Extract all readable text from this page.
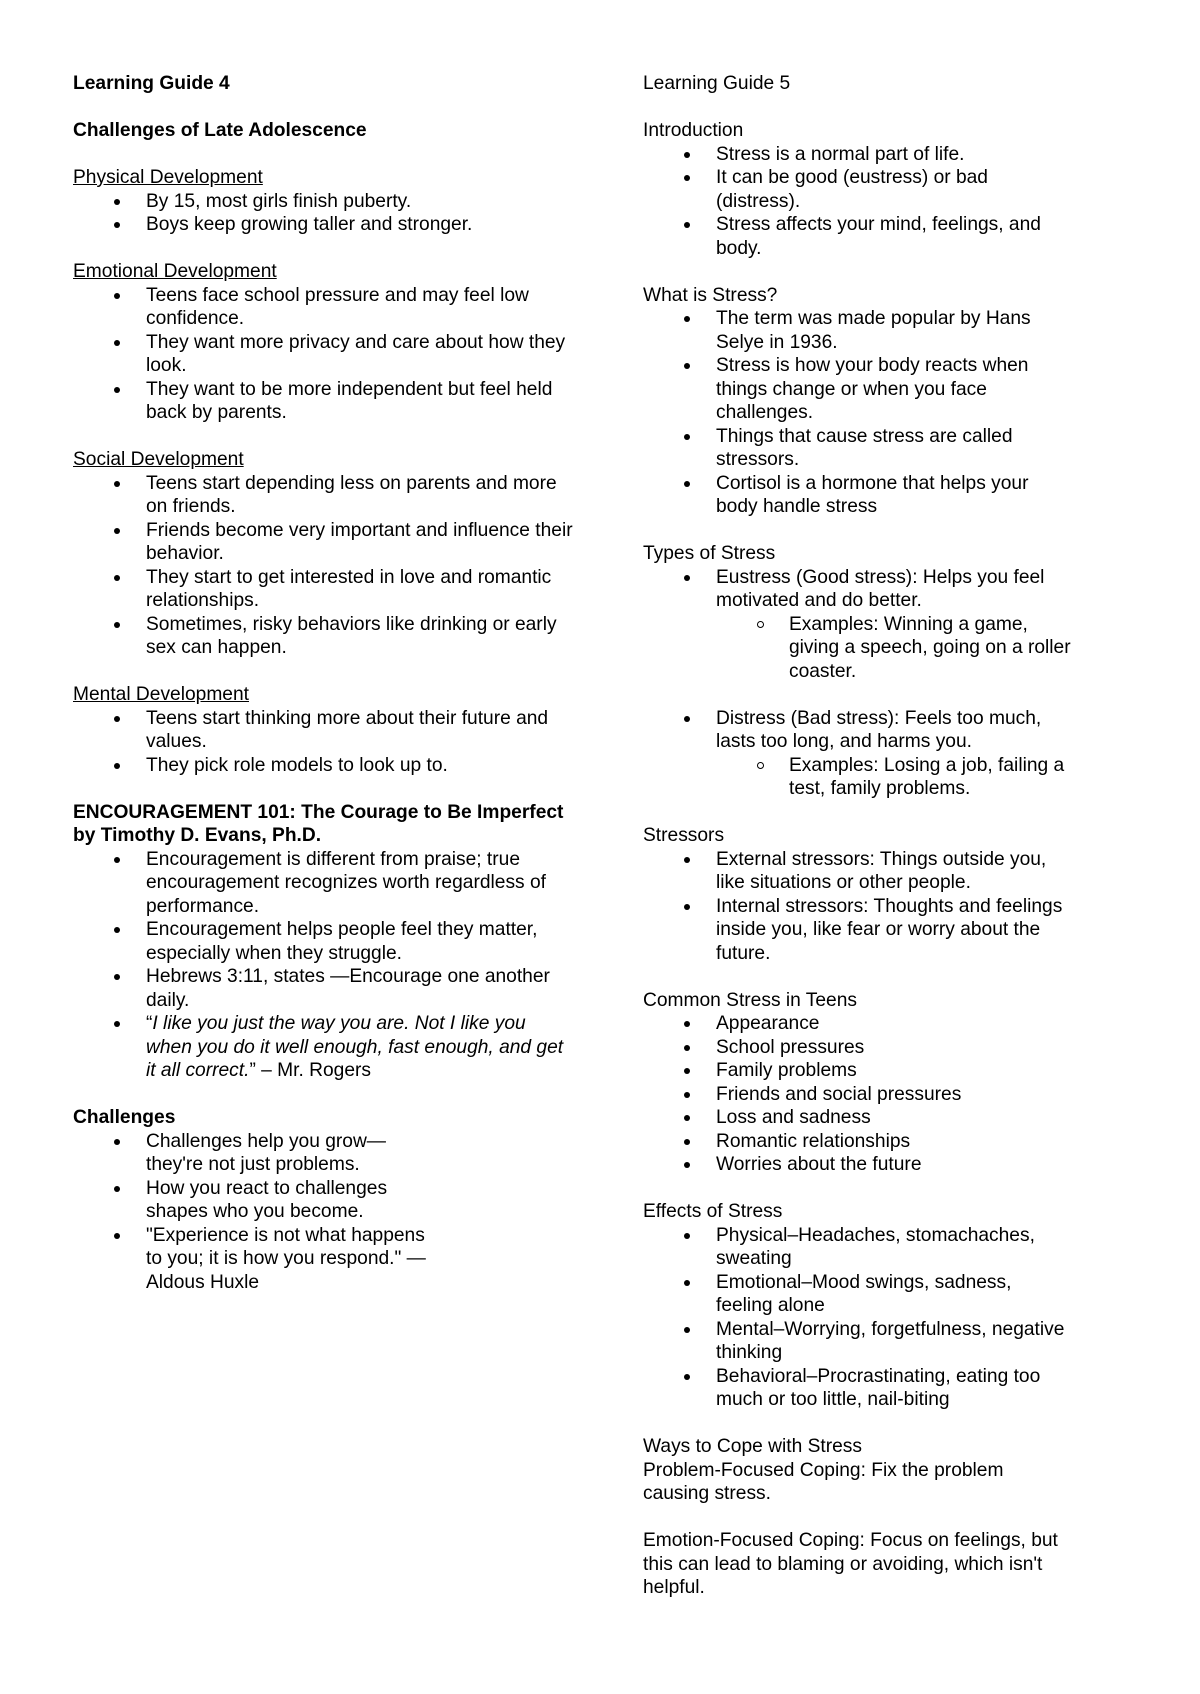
Learning Guide 4
Challenges of Late Adolescence
Physical Development
By 15, most girls finish puberty.
Boys keep growing taller and stronger.
Emotional Development
Teens face school pressure and may feel low confidence.
They want more privacy and care about how they look.
They want to be more independent but feel held back by parents.
Social Development
Teens start depending less on parents and more on friends.
Friends become very important and influence their behavior.
They start to get interested in love and romantic relationships.
Sometimes, risky behaviors like drinking or early sex can happen.
Mental Development
Teens start thinking more about their future and values.
They pick role models to look up to.
ENCOURAGEMENT 101: The Courage to Be Imperfect by Timothy D. Evans, Ph.D.
Encouragement is different from praise; true encouragement recognizes worth regardless of performance.
Encouragement helps people feel they matter, especially when they struggle.
Hebrews 3:11, states ―Encourage one another daily.
“I like you just the way you are. Not I like you when you do it well enough, fast enough, and get it all correct.” – Mr. Rogers
Challenges
Challenges help you grow—they're not just problems.
How you react to challenges shapes who you become.
"Experience is not what happens to you; it is how you respond." — Aldous Huxle
Learning Guide 5
Introduction
Stress is a normal part of life.
It can be good (eustress) or bad (distress).
Stress affects your mind, feelings, and body.
What is Stress?
The term was made popular by Hans Selye in 1936.
Stress is how your body reacts when things change or when you face challenges.
Things that cause stress are called stressors.
Cortisol is a hormone that helps your body handle stress
Types of Stress
Eustress (Good stress): Helps you feel motivated and do better.
Examples: Winning a game, giving a speech, going on a roller coaster.
Distress (Bad stress): Feels too much, lasts too long, and harms you.
Examples: Losing a job, failing a test, family problems.
Stressors
External stressors: Things outside you, like situations or other people.
Internal stressors: Thoughts and feelings inside you, like fear or worry about the future.
Common Stress in Teens
Appearance
School pressures
Family problems
Friends and social pressures
Loss and sadness
Romantic relationships
Worries about the future
Effects of Stress
Physical–Headaches, stomachaches, sweating
Emotional–Mood swings, sadness, feeling alone
Mental–Worrying, forgetfulness, negative thinking
Behavioral–Procrastinating, eating too much or too little, nail-biting
Ways to Cope with Stress
Problem-Focused Coping: Fix the problem causing stress.
Emotion-Focused Coping: Focus on feelings, but this can lead to blaming or avoiding, which isn't helpful.
